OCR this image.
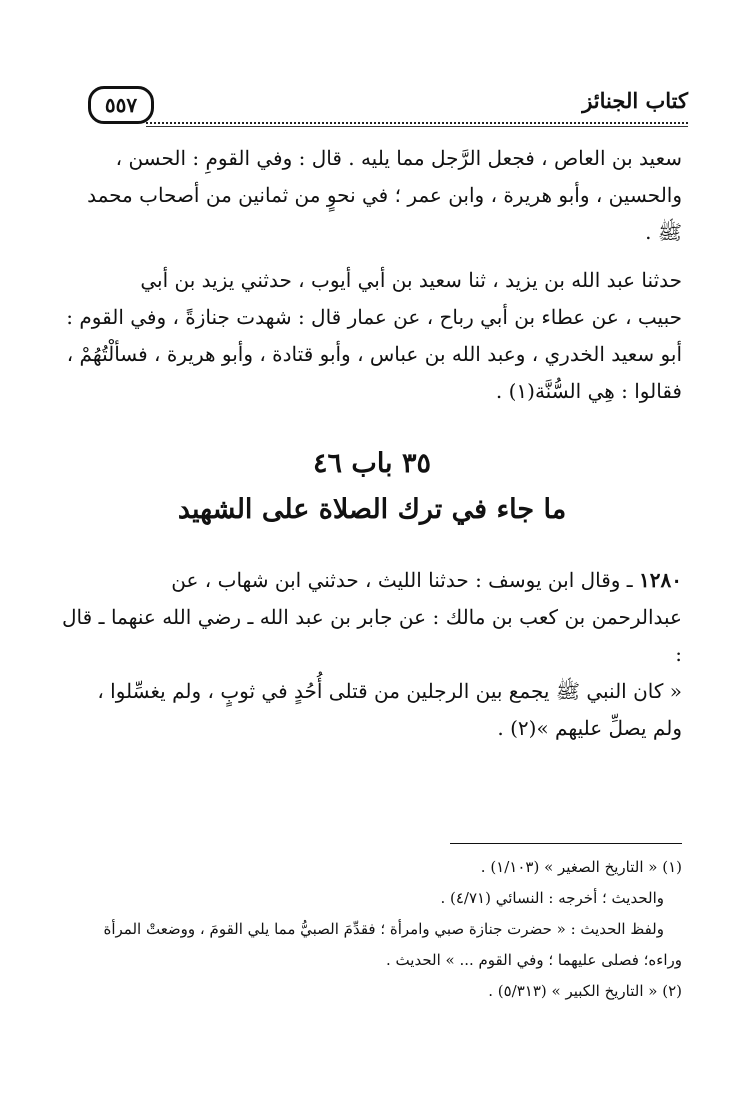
٥٥٧	كتاب الجنائز
سعيد بن العاص ، فجعل الرَّجل مما يليه . قال : وفي القومِ : الحسن ،
والحسين ، وأبو هريرة ، وابن عمر ؛ في نحوٍ من ثمانين من أصحاب محمد
ﷺ .
حدثنا عبد الله بن يزيد ، ثنا سعيد بن أبي أيوب ، حدثني يزيد بن أبي
حبيب ، عن عطاء بن أبي رباح ، عن عمار قال : شهدت جنازةً ، وفي القوم :
أبو سعيد الخدري ، وعبد الله بن عباس ، وأبو قتادة ، وأبو هريرة ، فسألْتُهُمْ ،
فقالوا : هِي السُّنَّة(١) .
٣٥ باب ٤٦
ما جاء في ترك الصلاة على الشهيد
١٢٨٠ ـ وقال ابن يوسف : حدثنا الليث ، حدثني ابن شهاب ، عن
عبدالرحمن بن كعب بن مالك : عن جابر بن عبد الله ـ رضي الله عنهما ـ قال :
« كان النبي ﷺ يجمع بين الرجلين من قتلى أُحُدٍ في ثوبٍ ، ولم يغسِّلوا ،
ولم يصلِّ عليهم »(٢) .
(١) « التاريخ الصغير » (١/١٠٣) .
والحديث ؛ أخرجه : النسائي (٤/٧١) .
ولفظ الحديث : « حضرت جنازة صبي وامرأة ؛ فقدِّمَ الصبيُّ مما يلي القومَ ، ووضعتْ المرأة
وراءه؛ فصلى عليهما ؛ وفي القوم ... » الحديث .
(٢) « التاريخ الكبير » (٥/٣١٣) .
